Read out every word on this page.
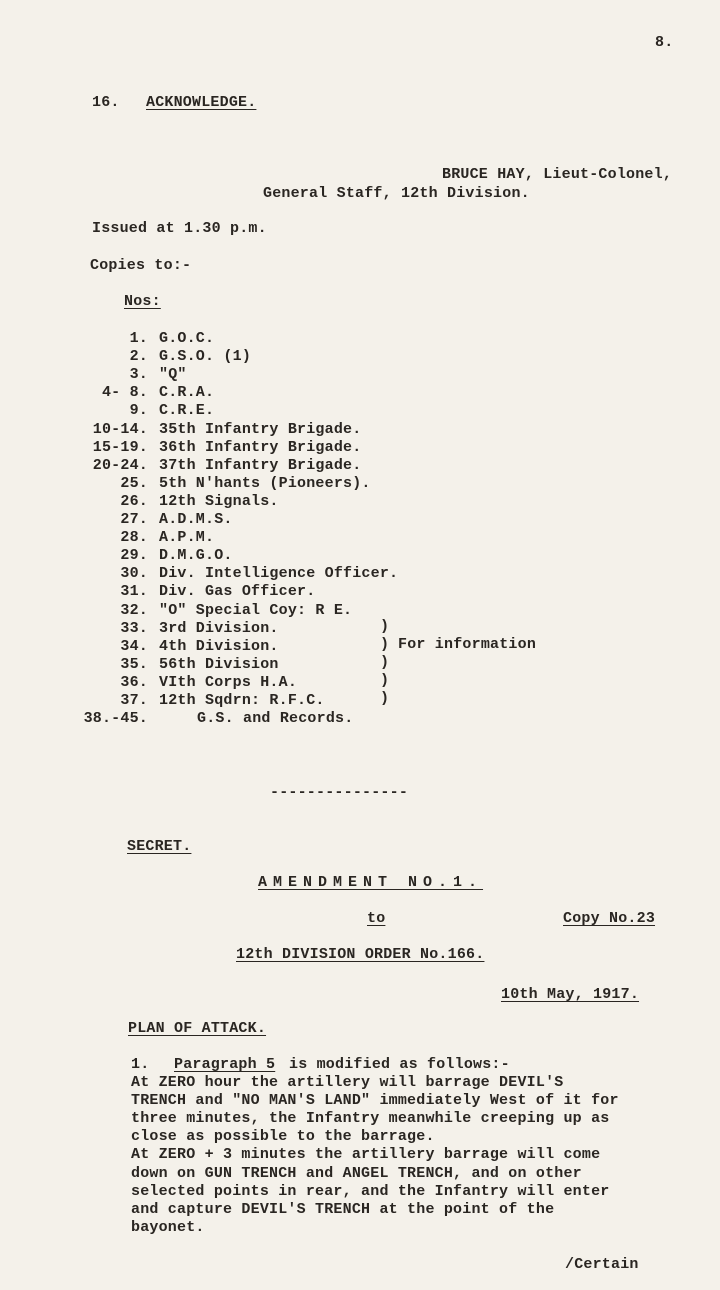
8.
16. ACKNOWLEDGE.
BRUCE HAY, Lieut-Colonel,
General Staff, 12th Division.
Issued at 1.30 p.m.
Copies to:-
Nos:
1. G.O.C.
2. G.S.O. (1)
3. "Q"
4- 8. C.R.A.
9. C.R.E.
10-14. 35th Infantry Brigade.
15-19. 36th Infantry Brigade.
20-24. 37th Infantry Brigade.
25. 5th N'hants (Pioneers).
26. 12th Signals.
27. A.D.M.S.
28. A.P.M.
29. D.M.G.O.
30. Div. Intelligence Officer.
31. Div. Gas Officer.
32. "O" Special Coy: R E.
33. 3rd Division.
34. 4th Division.
35. 56th Division
36. VIth Corps H.A.
37. 12th Sqdrn: R.F.C.
38.-45.	G.S. and Records.
)
)
)
)
)
For information
---------------
SECRET.
AMENDMENT NO.1.
to	Copy No.23
12th DIVISION ORDER No.166.
10th May, 1917.
PLAN OF ATTACK.
1. Paragraph 5 is modified as follows:-
At ZERO hour the artillery will barrage DEVIL'S
TRENCH and "NO MAN'S LAND" immediately West of it for
three minutes, the Infantry meanwhile creeping up as
close as possible to the barrage.
At ZERO + 3 minutes the artillery barrage will come
down on GUN TRENCH and ANGEL TRENCH, and on other
selected points in rear, and the Infantry will enter
and capture DEVIL'S TRENCH at the point of the
bayonet.
/Certain
